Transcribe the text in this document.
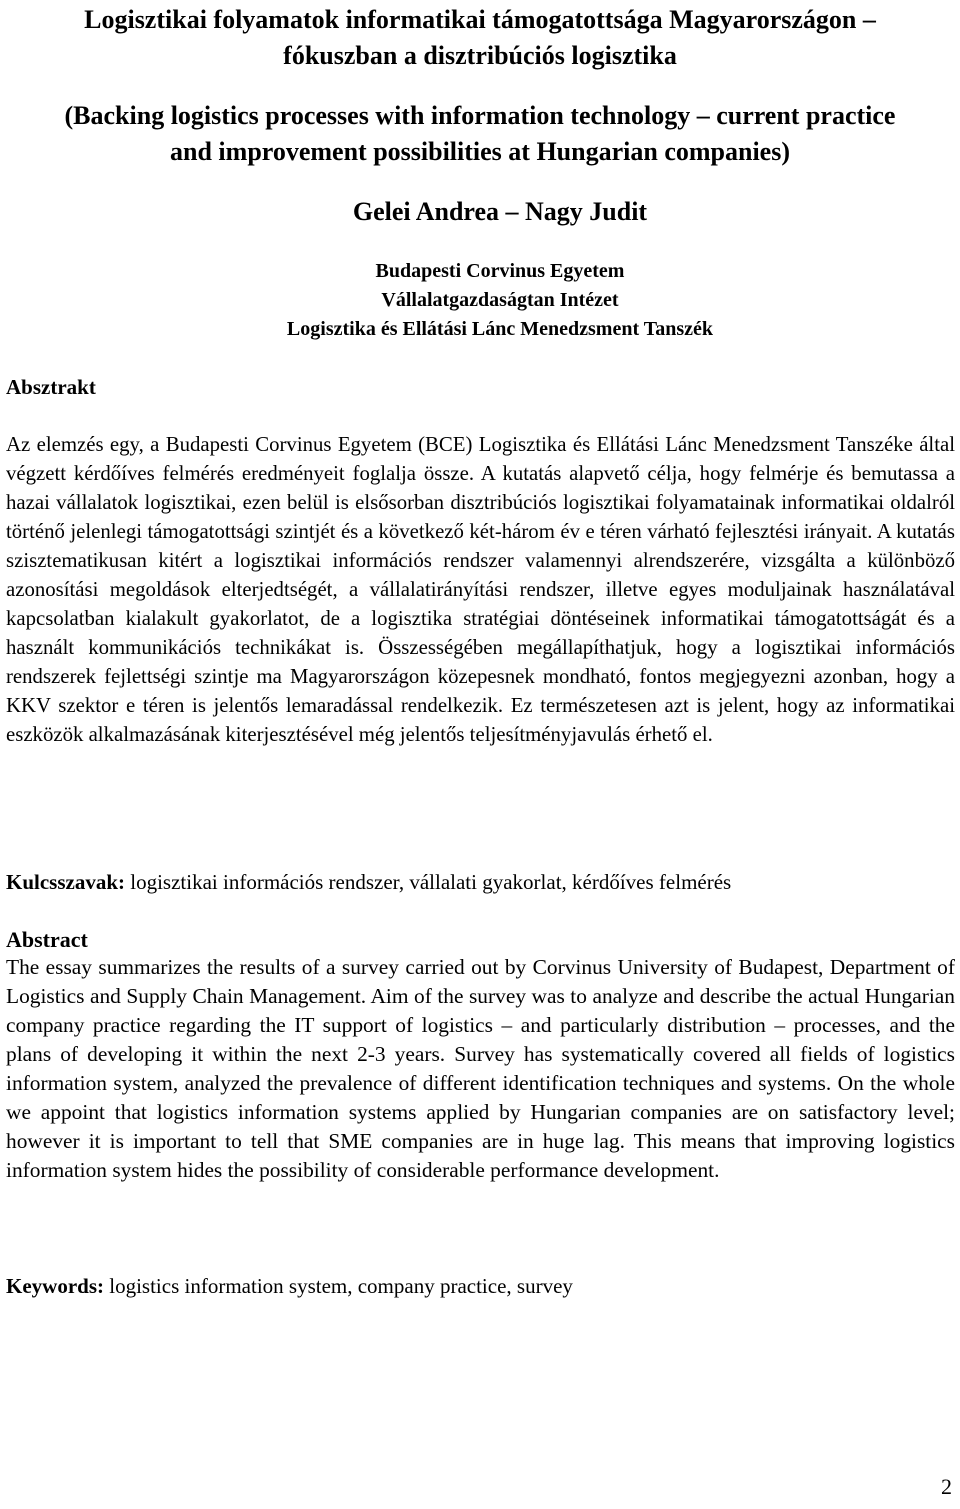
Logisztikai folyamatok informatikai támogatottsága Magyarországon –
fókuszban a disztribúciós logisztika
(Backing logistics processes with information technology – current practice
and improvement possibilities at Hungarian companies)
Gelei Andrea – Nagy Judit
Budapesti Corvinus Egyetem
Vállalatgazdaságtan Intézet
Logisztika és Ellátási Lánc Menedzsment Tanszék
Absztrakt

Az elemzés egy, a Budapesti Corvinus Egyetem (BCE) Logisztika és Ellátási Lánc Menedzsment Tanszéke által végzett kérdőíves felmérés eredményeit foglalja össze. A kutatás alapvető célja, hogy felmérje és bemutassa a hazai vállalatok logisztikai, ezen belül is elsősorban disztribúciós logisztikai folyamatainak informatikai oldalról történő jelenlegi támogatottsági szintjét és a következő két-három év e téren várható fejlesztési irányait. A kutatás szisztematikusan kitért a logisztikai információs rendszer valamennyi alrendszerére, vizsgálta a különböző azonosítási megoldások elterjedtségét, a vállalatirányítási rendszer, illetve egyes moduljainak használatával kapcsolatban kialakult gyakorlatot, de a logisztika stratégiai döntéseinek informatikai támogatottságát és a használt kommunikációs technikákat is. Összességében megállapíthatjuk, hogy a logisztikai információs rendszerek fejlettségi szintje ma Magyarországon közepesnek mondható, fontos megjegyezni azonban, hogy a KKV szektor e téren is jelentős lemaradással rendelkezik. Ez természetesen azt is jelent, hogy az informatikai eszközök alkalmazásának kiterjesztésével még jelentős teljesítményjavulás érhető el.

Kulcsszavak: logisztikai információs rendszer, vállalati gyakorlat, kérdőíves felmérés
Abstract

The essay summarizes the results of a survey carried out by Corvinus University of Budapest, Department of Logistics and Supply Chain Management. Aim of the survey was to analyze and describe the actual Hungarian company practice regarding the IT support of logistics – and particularly distribution – processes, and the plans of developing it within the next 2-3 years. Survey has systematically covered all fields of logistics information system, analyzed the prevalence of different identification techniques and systems. On the whole we appoint that logistics information systems applied by Hungarian companies are on satisfactory level; however it is important to tell that SME companies are in huge lag. This means that improving logistics information system hides the possibility of considerable performance development.

Keywords: logistics information system, company practice, survey
2
